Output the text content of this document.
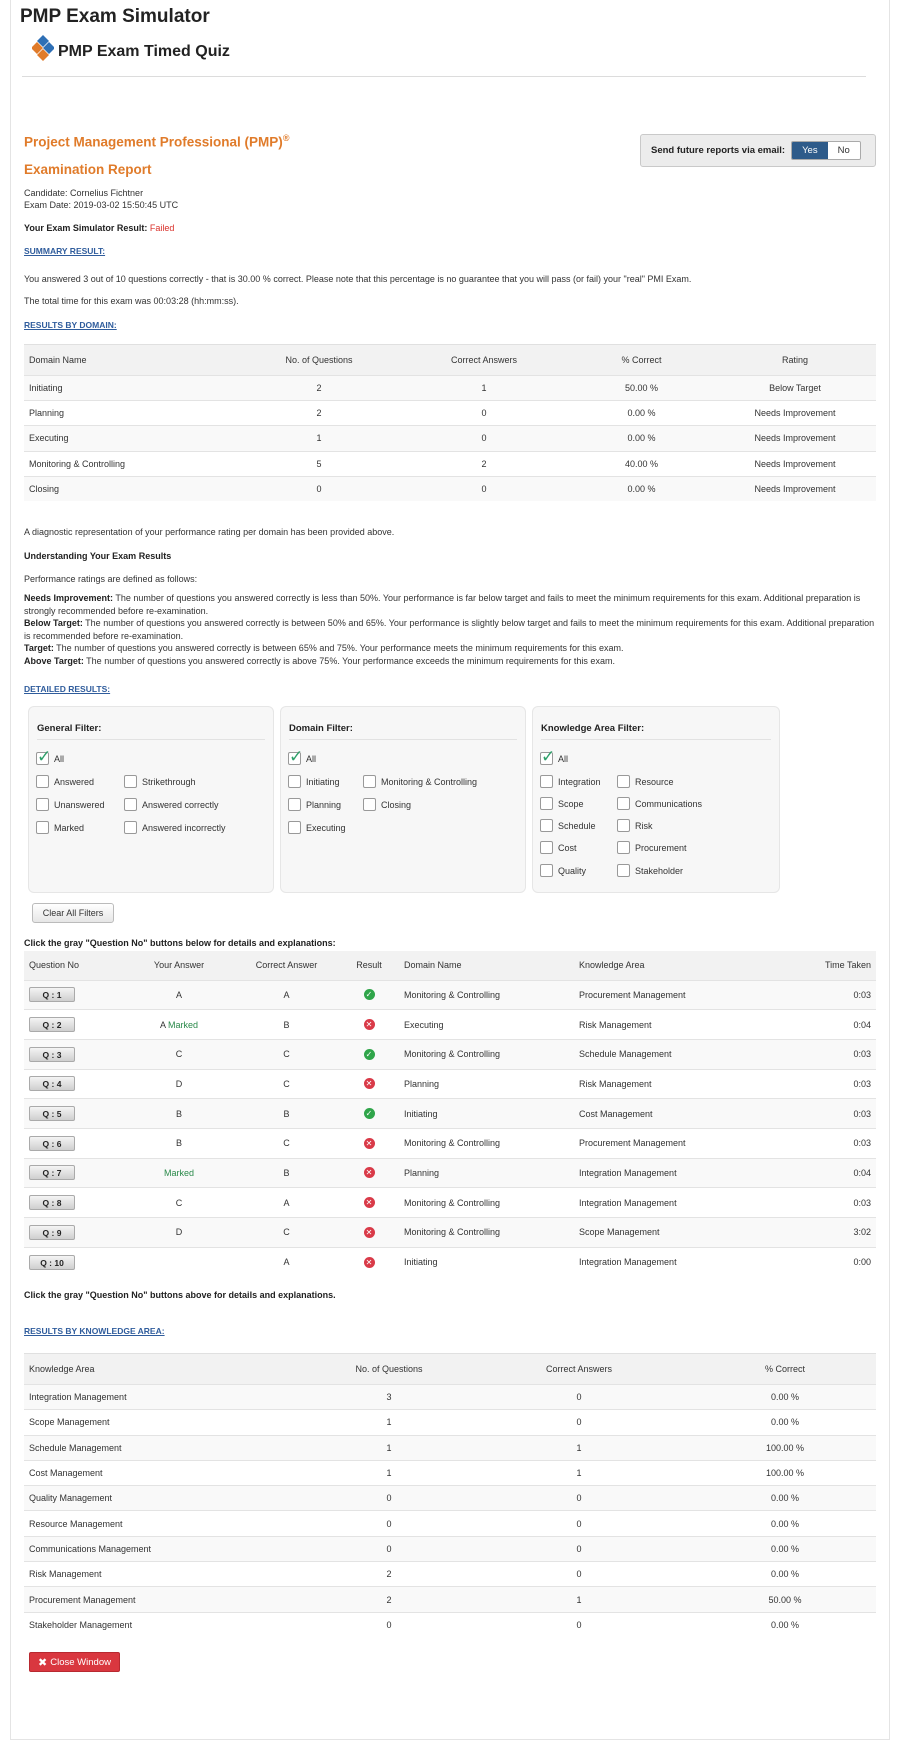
PMP Exam Simulator
PMP Exam Timed Quiz
Project Management Professional (PMP)®
Examination Report
Send future reports via email:	Yes	No
Candidate: Cornelius Fichtner
Exam Date: 2019-03-02 15:50:45 UTC
Your Exam Simulator Result: Failed
SUMMARY RESULT:
You answered 3 out of 10 questions correctly - that is 30.00 % correct. Please note that this percentage is no guarantee that you will pass (or fail) your "real" PMI Exam.
The total time for this exam was 00:03:28 (hh:mm:ss).
RESULTS BY DOMAIN:
Domain Name	No. of Questions	Correct Answers	% Correct	Rating
Initiating	2	1	50.00 %	Below Target
Planning	2	0	0.00 %	Needs Improvement
Executing	1	0	0.00 %	Needs Improvement
Monitoring & Controlling	5	2	40.00 %	Needs Improvement
Closing	0	0	0.00 %	Needs Improvement
A diagnostic representation of your performance rating per domain has been provided above.
Understanding Your Exam Results
Performance ratings are defined as follows:
Needs Improvement: The number of questions you answered correctly is less than 50%. Your performance is far below target and fails to meet the minimum requirements for this exam. Additional preparation is strongly recommended before re-examination.
Below Target: The number of questions you answered correctly is between 50% and 65%. Your performance is slightly below target and fails to meet the minimum requirements for this exam. Additional preparation is recommended before re-examination.
Target: The number of questions you answered correctly is between 65% and 75%. Your performance meets the minimum requirements for this exam.
Above Target: The number of questions you answered correctly is above 75%. Your performance exceeds the minimum requirements for this exam.
DETAILED RESULTS:
General Filter:
✓
All
Answered
Unanswered
Marked
Strikethrough
Answered correctly
Answered incorrectly
Domain Filter:
✓
All
Initiating
Planning
Executing
Monitoring & Controlling
Closing
Knowledge Area Filter:
✓
All
Integration
Scope
Schedule
Cost
Quality
Resource
Communications
Risk
Procurement
Stakeholder
Clear All Filters
Click the gray "Question No" buttons below for details and explanations:
Question No	Your Answer	Correct Answer	Result	Domain Name	Knowledge Area	Time Taken
Q : 1	A	A	✓	Monitoring & Controlling	Procurement Management	0:03
Q : 2	A Marked	B	✕	Executing	Risk Management	0:04
Q : 3	C	C	✓	Monitoring & Controlling	Schedule Management	0:03
Q : 4	D	C	✕	Planning	Risk Management	0:03
Q : 5	B	B	✓	Initiating	Cost Management	0:03
Q : 6	B	C	✕	Monitoring & Controlling	Procurement Management	0:03
Q : 7	Marked	B	✕	Planning	Integration Management	0:04
Q : 8	C	A	✕	Monitoring & Controlling	Integration Management	0:03
Q : 9	D	C	✕	Monitoring & Controlling	Scope Management	3:02
Q : 10		A	✕	Initiating	Integration Management	0:00
Click the gray "Question No" buttons above for details and explanations.
RESULTS BY KNOWLEDGE AREA:
Knowledge Area	No. of Questions	Correct Answers	% Correct
Integration Management	3	0	0.00 %
Scope Management	1	0	0.00 %
Schedule Management	1	1	100.00 %
Cost Management	1	1	100.00 %
Quality Management	0	0	0.00 %
Resource Management	0	0	0.00 %
Communications Management	0	0	0.00 %
Risk Management	2	0	0.00 %
Procurement Management	2	1	50.00 %
Stakeholder Management	0	0	0.00 %
✖ Close Window
